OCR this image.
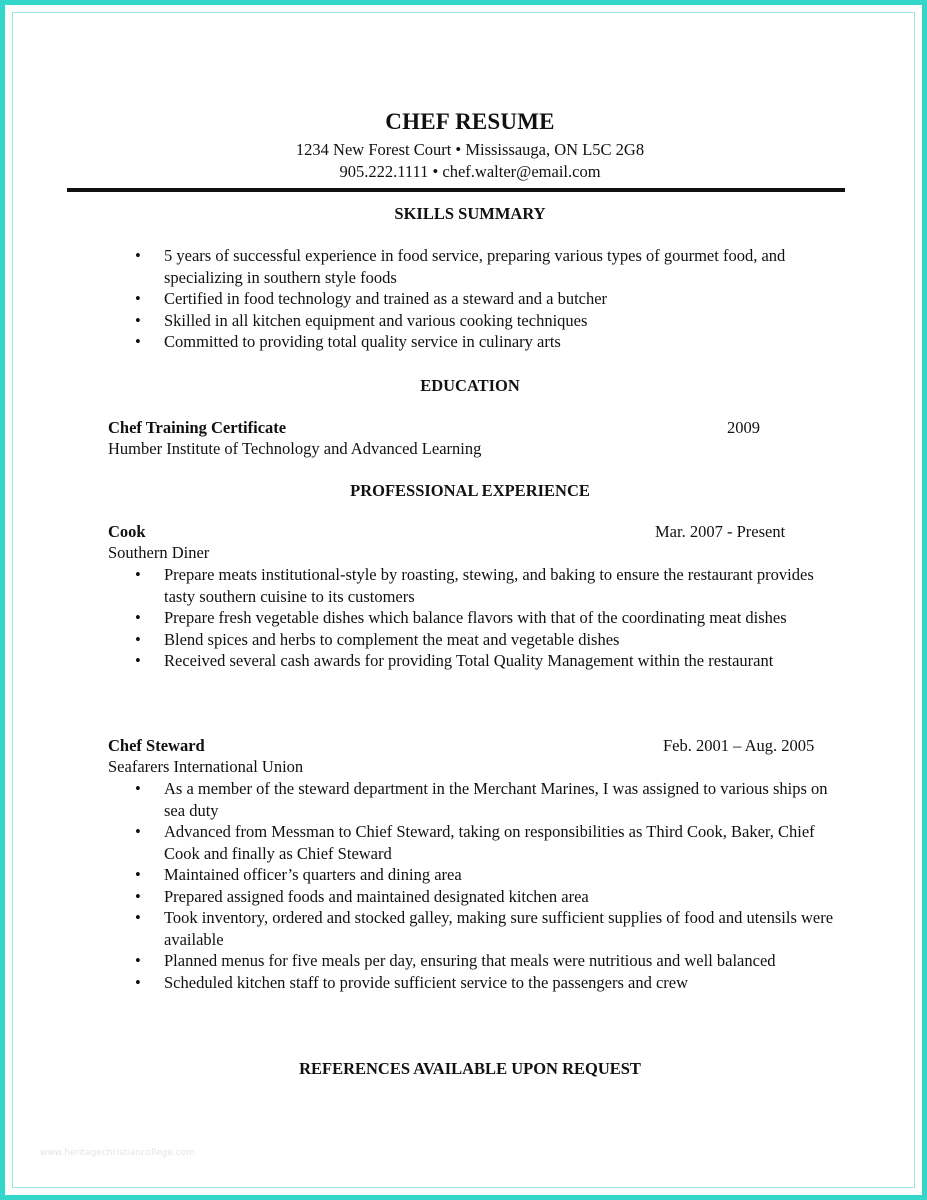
CHEF RESUME
1234 New Forest Court • Mississauga, ON L5C 2G8
905.222.1111 • chef.walter@email.com
SKILLS SUMMARY
• 5 years of successful experience in food service, preparing various types of gourmet food, and specializing in southern style foods
• Certified in food technology and trained as a steward and a butcher
• Skilled in all kitchen equipment and various cooking techniques
• Committed to providing total quality service in culinary arts
EDUCATION
Chef Training Certificate	2009
Humber Institute of Technology and Advanced Learning
PROFESSIONAL EXPERIENCE
Cook	Mar. 2007 - Present
Southern Diner
• Prepare meats institutional-style by roasting, stewing, and baking to ensure the restaurant provides tasty southern cuisine to its customers
• Prepare fresh vegetable dishes which balance flavors with that of the coordinating meat dishes
• Blend spices and herbs to complement the meat and vegetable dishes
• Received several cash awards for providing Total Quality Management within the restaurant
Chef Steward	Feb. 2001 – Aug. 2005
Seafarers International Union
• As a member of the steward department in the Merchant Marines, I was assigned to various ships on sea duty
• Advanced from Messman to Chief Steward, taking on responsibilities as Third Cook, Baker, Chief Cook and finally as Chief Steward
• Maintained officer’s quarters and dining area
• Prepared assigned foods and maintained designated kitchen area
• Took inventory, ordered and stocked galley, making sure sufficient supplies of food and utensils were available
• Planned menus for five meals per day, ensuring that meals were nutritious and well balanced
• Scheduled kitchen staff to provide sufficient service to the passengers and crew
REFERENCES AVAILABLE UPON REQUEST
www.heritagechristiancollege.com
